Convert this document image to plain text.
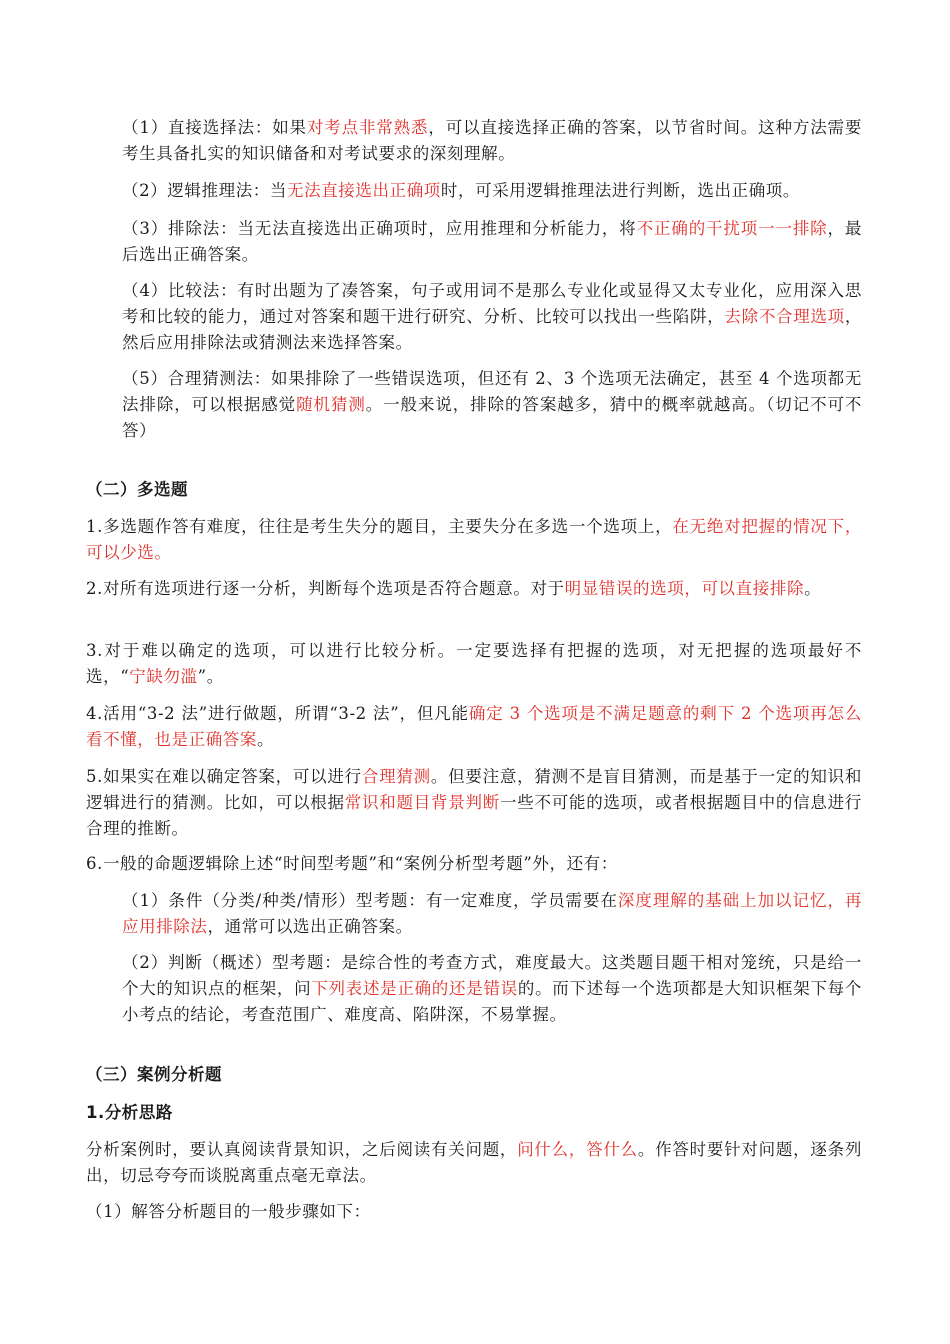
（1）直接选择法：如果对考点非常熟悉，可以直接选择正确的答案，以节省时间。这种方法需要考生具备扎实的知识储备和对考试要求的深刻理解。
（2）逻辑推理法：当无法直接选出正确项时，可采用逻辑推理法进行判断，选出正确项。
（3）排除法：当无法直接选出正确项时，应用推理和分析能力，将不正确的干扰项一一排除，最后选出正确答案。
（4）比较法：有时出题为了凑答案，句子或用词不是那么专业化或显得又太专业化，应用深入思考和比较的能力，通过对答案和题干进行研究、分析、比较可以找出一些陷阱，去除不合理选项，然后应用排除法或猜测法来选择答案。
（5）合理猜测法：如果排除了一些错误选项，但还有 2、3 个选项无法确定，甚至 4 个选项都无法排除，可以根据感觉随机猜测。一般来说，排除的答案越多，猜中的概率就越高。（切记不可不答）
（二）多选题
1.多选题作答有难度，往往是考生失分的题目，主要失分在多选一个选项上，在无绝对把握的情况下，可以少选。
2.对所有选项进行逐一分析，判断每个选项是否符合题意。对于明显错误的选项，可以直接排除。
3.对于难以确定的选项，可以进行比较分析。一定要选择有把握的选项，对无把握的选项最好不选，“宁缺勿滥”。
4.活用“3-2 法”进行做题，所谓“3-2 法”，但凡能确定 3 个选项是不满足题意的剩下 2 个选项再怎么看不懂，也是正确答案。
5.如果实在难以确定答案，可以进行合理猜测。但要注意，猜测不是盲目猜测，而是基于一定的知识和逻辑进行的猜测。比如，可以根据常识和题目背景判断一些不可能的选项，或者根据题目中的信息进行合理的推断。
6.一般的命题逻辑除上述“时间型考题”和“案例分析型考题”外，还有：
（1）条件（分类/种类/情形）型考题：有一定难度，学员需要在深度理解的基础上加以记忆，再应用排除法，通常可以选出正确答案。
（2）判断（概述）型考题：是综合性的考查方式，难度最大。这类题目题干相对笼统，只是给一个大的知识点的框架，问下列表述是正确的还是错误的。而下述每一个选项都是大知识框架下每个小考点的结论，考查范围广、难度高、陷阱深，不易掌握。
（三）案例分析题
1.分析思路
分析案例时，要认真阅读背景知识，之后阅读有关问题，问什么，答什么。作答时要针对问题，逐条列出，切忌夸夸而谈脱离重点毫无章法。
（1）解答分析题目的一般步骤如下：
